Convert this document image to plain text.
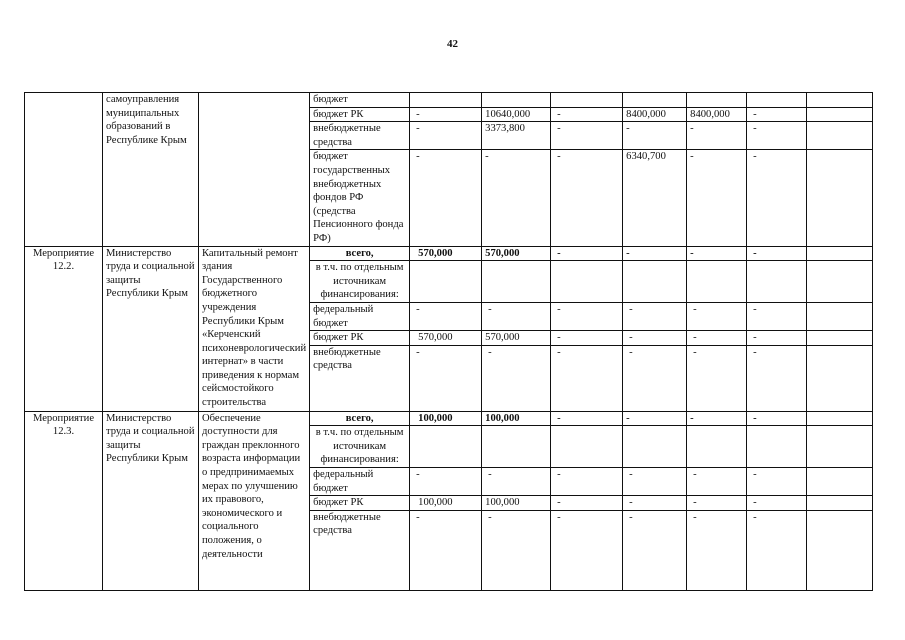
42
	самоуправления муниципальных образований в Республике Крым		бюджет							
			бюджет РК	-	10640,000	-	8400,000	8400,000	-	
			внебюджетные средства	-	3373,800	-	-	-	-	
			бюджет государственных внебюджетных фондов РФ (средства Пенсионного фонда РФ)	-	-	-	6340,700	-	-	
Мероприятие 12.2.	Министерство труда и социальной защиты Республики Крым	Капитальный ремонт здания Государственного бюджетного учреждения Республики Крым «Керченский психоневрологический интернат» в части приведения к нормам сейсмостойкого строительства	всего,	570,000	570,000	-	-	-	-	
			в т.ч. по отдельным источникам финансирования:							
			федеральный бюджет	-	-	-	-	-	-	
			бюджет РК	570,000	570,000	-	-	-	-	
			внебюджетные средства	-	-	-	-	-	-	
Мероприятие 12.3.	Министерство труда и социальной защиты Республики Крым	Обеспечение доступности для граждан преклонного возраста информации о предпринимаемых мерах по улучшению их правового, экономического и социального положения, о деятельности	всего,	100,000	100,000	-	-	-	-	
			в т.ч. по отдельным источникам финансирования:							
			федеральный бюджет	-	-	-	-	-	-	
			бюджет РК	100,000	100,000	-	-	-	-	
			внебюджетные средства	-	-	-	-	-	-	
